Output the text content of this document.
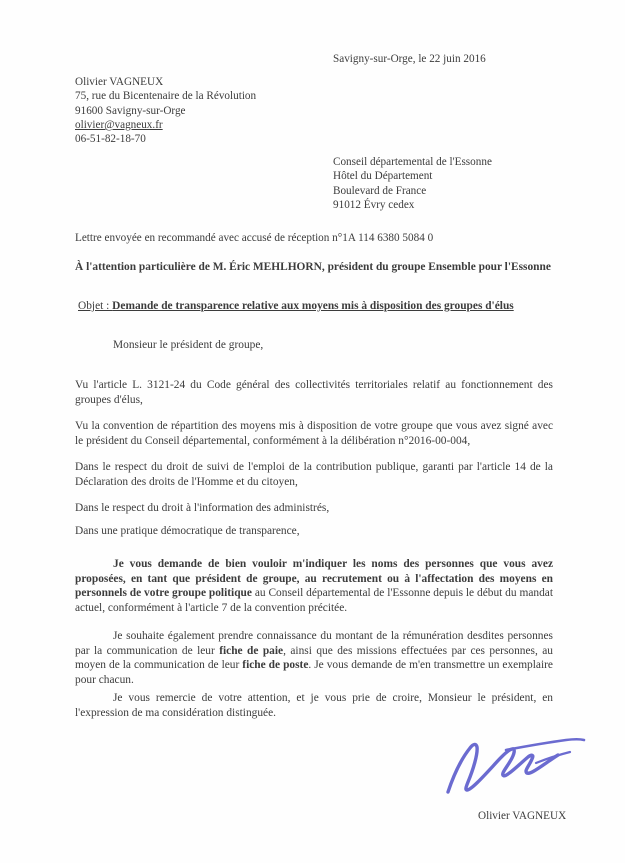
Savigny-sur-Orge, le 22 juin 2016
Olivier VAGNEUX
75, rue du Bicentenaire de la Révolution
91600 Savigny-sur-Orge
olivier@vagneux.fr
06-51-82-18-70
Conseil départemental de l'Essonne
Hôtel du Département
Boulevard de France
91012 Évry cedex
Lettre envoyée en recommandé avec accusé de réception n°1A 114 6380 5084 0
À l'attention particulière de M. Éric MEHLHORN, président du groupe Ensemble pour l'Essonne
Objet : Demande de transparence relative aux moyens mis à disposition des groupes d'élus
Monsieur le président de groupe,
Vu l'article L. 3121-24 du Code général des collectivités territoriales relatif au fonctionnement des groupes d'élus,
Vu la convention de répartition des moyens mis à disposition de votre groupe que vous avez signé avec le président du Conseil départemental, conformément à la délibération n°2016-00-004,
Dans le respect du droit de suivi de l'emploi de la contribution publique, garanti par l'article 14 de la Déclaration des droits de l'Homme et du citoyen,
Dans le respect du droit à l'information des administrés,
Dans une pratique démocratique de transparence,
Je vous demande de bien vouloir m'indiquer les noms des personnes que vous avez proposées, en tant que président de groupe, au recrutement ou à l'affectation des moyens en personnels de votre groupe politique au Conseil départemental de l'Essonne depuis le début du mandat actuel, conformément à l'article 7 de la convention précitée.
Je souhaite également prendre connaissance du montant de la rémunération desdites personnes par la communication de leur fiche de paie, ainsi que des missions effectuées par ces personnes, au moyen de la communication de leur fiche de poste. Je vous demande de m'en transmettre un exemplaire pour chacun.
Je vous remercie de votre attention, et je vous prie de croire, Monsieur le président, en l'expression de ma considération distinguée.
Olivier VAGNEUX
